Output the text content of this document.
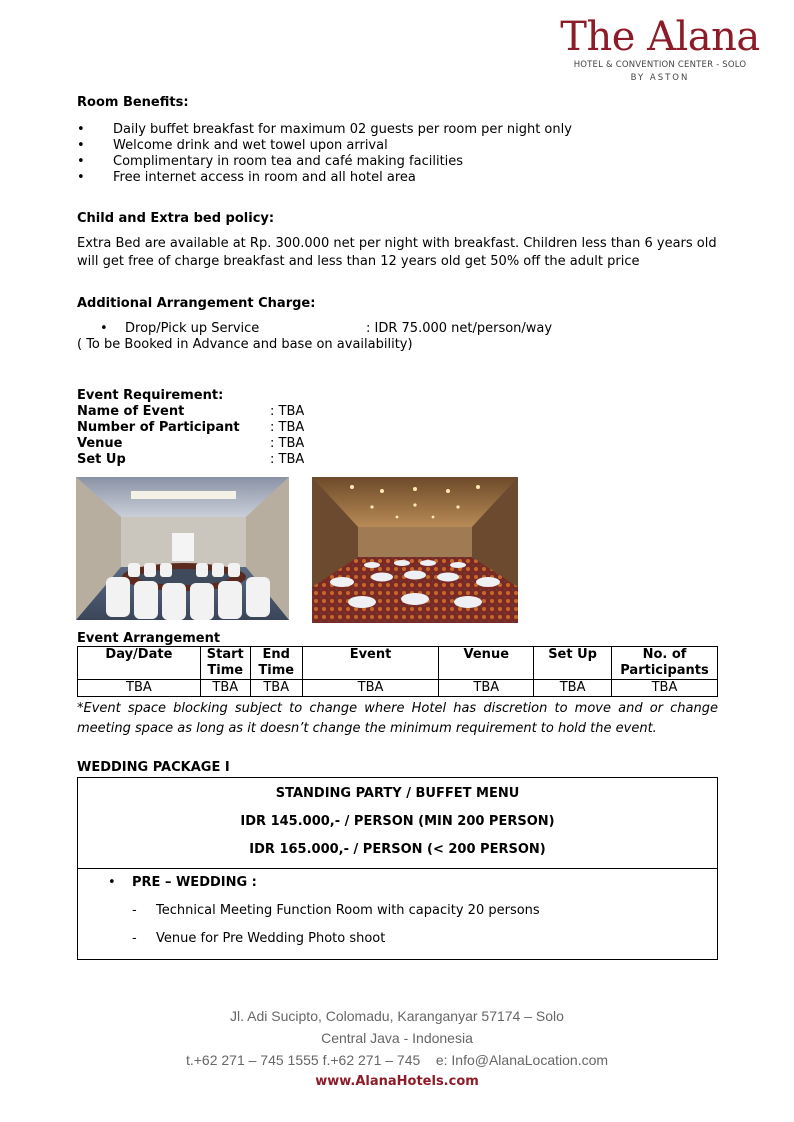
The Alana
HOTEL & CONVENTION CENTER - SOLO
BY ASTON
Room Benefits:
• Daily buffet breakfast for maximum 02 guests per room per night only
• Welcome drink and wet towel upon arrival
• Complimentary in room tea and café making facilities
• Free internet access in room and all hotel area
Child and Extra bed policy:
Extra Bed are available at Rp. 300.000 net per night with breakfast. Children less than 6 years old will get free of charge breakfast and less than 12 years old get 50% off the adult price
Additional Arrangement Charge:
• Drop/Pick up Service	: IDR 75.000 net/person/way
( To be Booked in Advance and base on availability)
Event Requirement:
Name of Event	: TBA
Number of Participant	: TBA
Venue	: TBA
Set Up	: TBA
Event Arrangement
Day/Date	Start Time	End Time	Event	Venue	Set Up	No. of Participants
TBA	TBA	TBA	TBA	TBA	TBA	TBA
*Event space blocking subject to change where Hotel has discretion to move and or change meeting space as long as it doesn’t change the minimum requirement to hold the event.
WEDDING PACKAGE I
STANDING PARTY / BUFFET MENU
IDR 145.000,- / PERSON (MIN 200 PERSON)
IDR 165.000,- / PERSON (< 200 PERSON)
• PRE – WEDDING :
- Technical Meeting Function Room with capacity 20 persons
- Venue for Pre Wedding Photo shoot
Jl. Adi Sucipto, Colomadu, Karanganyar 57174 – Solo
Central Java - Indonesia
t.+62 271 – 745 1555 f.+62 271 – 745    e: Info@AlanaLocation.com
www.AlanaHotels.com
